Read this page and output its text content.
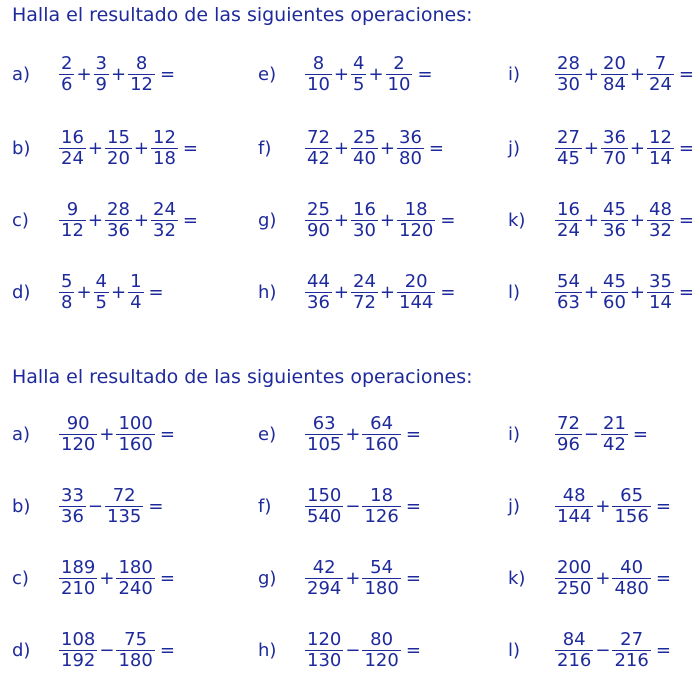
Halla el resultado de las siguientes operaciones:
Halla el resultado de las siguientes operaciones:
a)	$\frac{2}{6} + \frac{3}{9} + \frac{8}{12}$ =
b)	$\frac{16}{24} + \frac{15}{20} + \frac{12}{18}$ =
c)	$\frac{9}{12} + \frac{28}{36} + \frac{24}{32}$ =
d)	$\frac{5}{8} + \frac{4}{5} + \frac{1}{4}$ =
e)	$\frac{8}{10} + \frac{4}{5} + \frac{2}{10}$ =
f)	$\frac{72}{42} + \frac{25}{40} + \frac{36}{80}$ =
g)	$\frac{25}{90} + \frac{16}{30} + \frac{18}{120}$ =
h)	$\frac{44}{36} + \frac{24}{72} + \frac{20}{144}$ =
i)	$\frac{28}{30} + \frac{20}{84} + \frac{7}{24}$ =
j)	$\frac{27}{45} + \frac{36}{70} + \frac{12}{14}$ =
k)	$\frac{16}{24} + \frac{45}{36} + \frac{48}{32}$ =
l)	$\frac{54}{63} + \frac{45}{60} + \frac{35}{14}$ =
a)	$\frac{90}{120} + \frac{100}{160}$ =
b)	$\frac{33}{36} - \frac{72}{135}$ =
c)	$\frac{189}{210} + \frac{180}{240}$ =
d)	$\frac{108}{192} - \frac{75}{180}$ =
e)	$\frac{63}{105} + \frac{64}{160}$ =
f)	$\frac{150}{540} - \frac{18}{126}$ =
g)	$\frac{42}{294} + \frac{54}{180}$ =
h)	$\frac{120}{130} - \frac{80}{120}$ =
i)	$\frac{72}{96} - \frac{21}{42}$ =
j)	$\frac{48}{144} + \frac{65}{156}$ =
k)	$\frac{200}{250} + \frac{40}{480}$ =
l)	$\frac{84}{216} - \frac{27}{216}$ =
